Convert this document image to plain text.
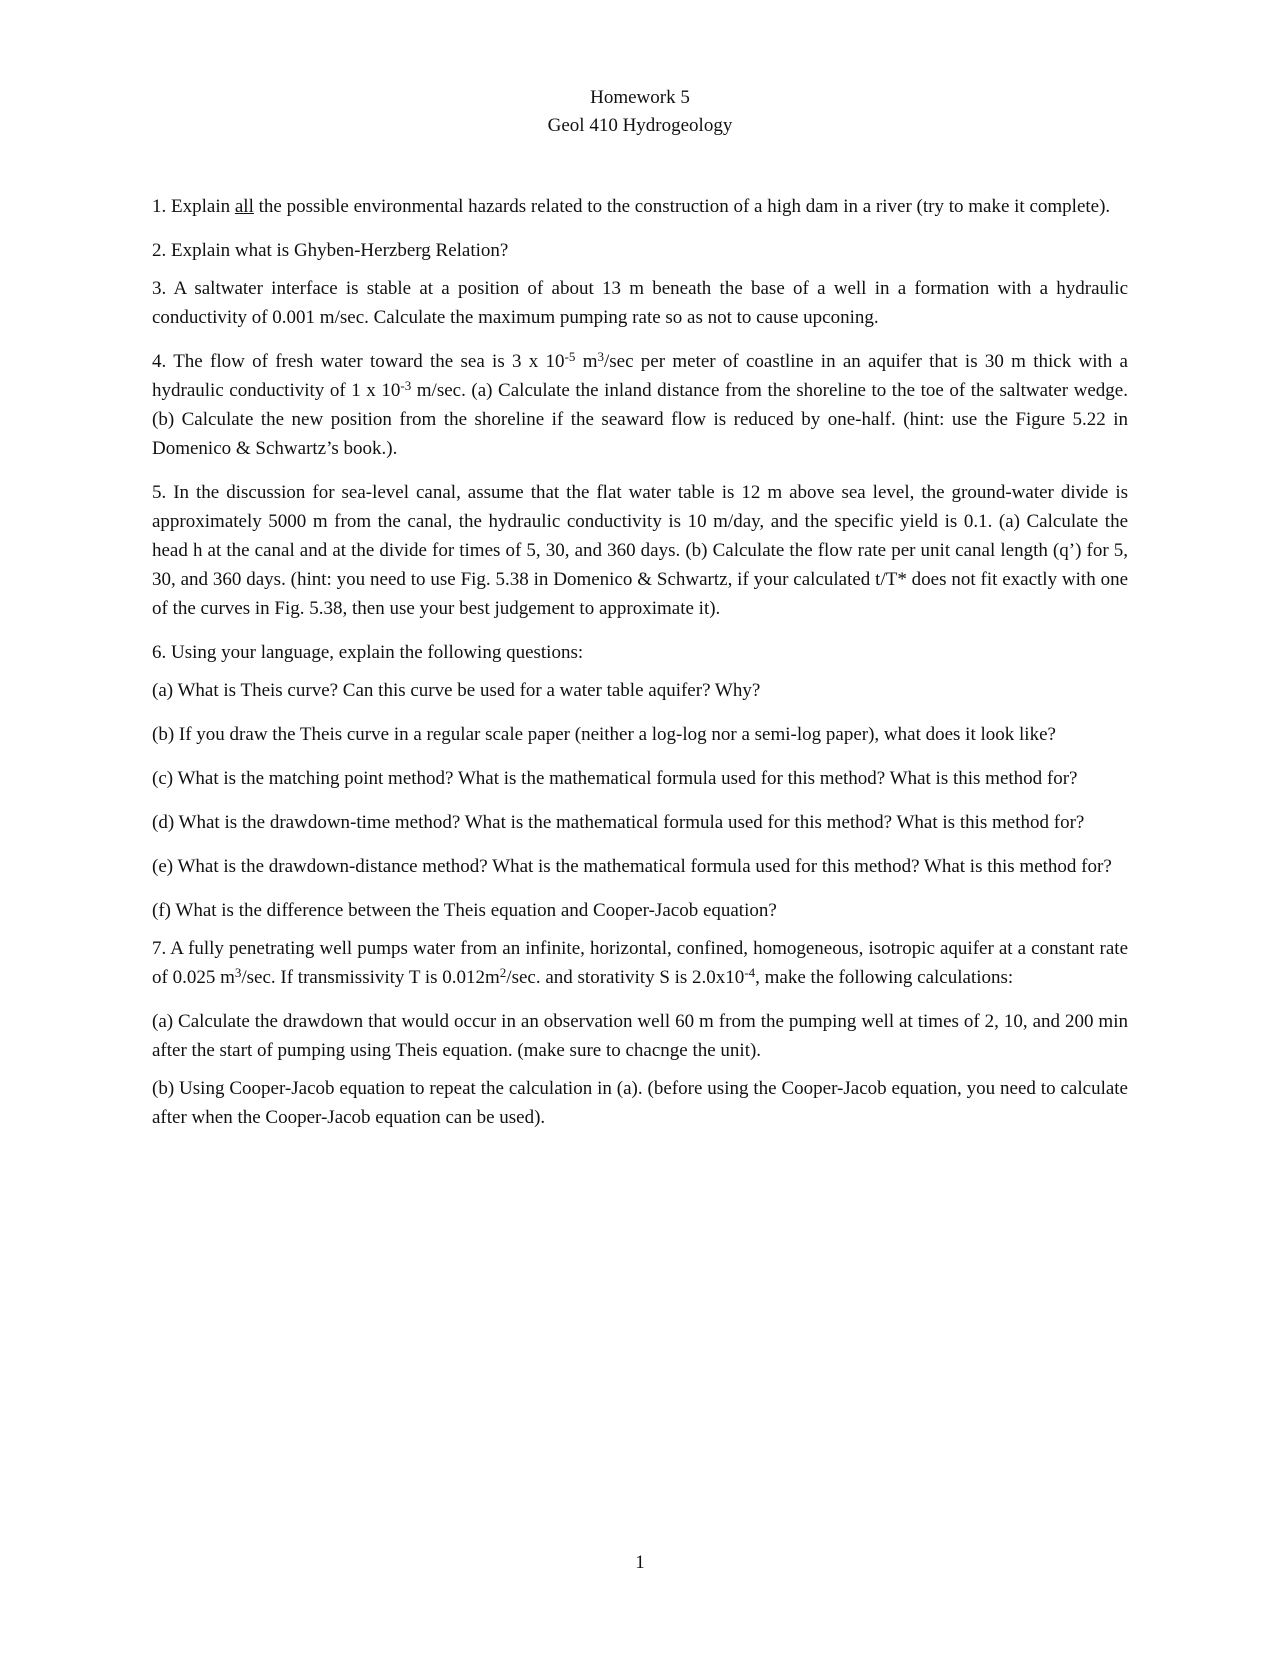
Homework 5
Geol 410 Hydrogeology

1. Explain all the possible environmental hazards related to the construction of a high dam in a river (try to make it complete).

2. Explain what is Ghyben-Herzberg Relation?

3. A saltwater interface is stable at a position of about 13 m beneath the base of a well in a formation with a hydraulic conductivity of 0.001 m/sec. Calculate the maximum pumping rate so as not to cause upconing.

4. The flow of fresh water toward the sea is 3 x $10^{-5}$ $m^3/\sec$ per meter of coastline in an aquifer that is 30 m thick with a hydraulic conductivity of 1 x $10^{-3}$ m/sec. (a) Calculate the inland distance from the shoreline to the toe of the saltwater wedge. (b) Calculate the new position from the shoreline if the seaward flow is reduced by one-half. (hint: use the Figure 5.22 in Domenico & Schwartz’s book.).

5. In the discussion for sea-level canal, assume that the flat water table is 12 m above sea level, the ground-water divide is approximately 5000 m from the canal, the hydraulic conductivity is 10 m/day, and the specific yield is 0.1. (a) Calculate the head h at the canal and at the divide for times of 5, 30, and 360 days. (b) Calculate the flow rate per unit canal length (q’) for 5, 30, and 360 days. (hint: you need to use Fig. 5.38 in Domenico & Schwartz, if your calculated t/T* does not fit exactly with one of the curves in Fig. 5.38, then use your best judgement to approximate it).

6. Using your language, explain the following questions:

(a) What is Theis curve? Can this curve be used for a water table aquifer? Why?

(b) If you draw the Theis curve in a regular scale paper (neither a log-log nor a semi-log paper), what does it look like?

(c) What is the matching point method? What is the mathematical formula used for this method? What is this method for?

(d) What is the drawdown-time method? What is the mathematical formula used for this method? What is this method for?

(e) What is the drawdown-distance method? What is the mathematical formula used for this method? What is this method for?

(f) What is the difference between the Theis equation and Cooper-Jacob equation?

7. A fully penetrating well pumps water from an infinite, horizontal, confined, homogeneous, isotropic aquifer at a constant rate of 0.025 $m^3/\sec$. If transmissivity T is $0.012m^2/\sec$. and storativity S is $2.0x10^{-4}$, make the following calculations:

(a) Calculate the drawdown that would occur in an observation well 60 m from the pumping well at times of 2, 10, and 200 min after the start of pumping using Theis equation. (make sure to chacnge the unit).

(b) Using Cooper-Jacob equation to repeat the calculation in (a). (before using the Cooper-Jacob equation, you need to calculate after when the Cooper-Jacob equation can be used).

1
